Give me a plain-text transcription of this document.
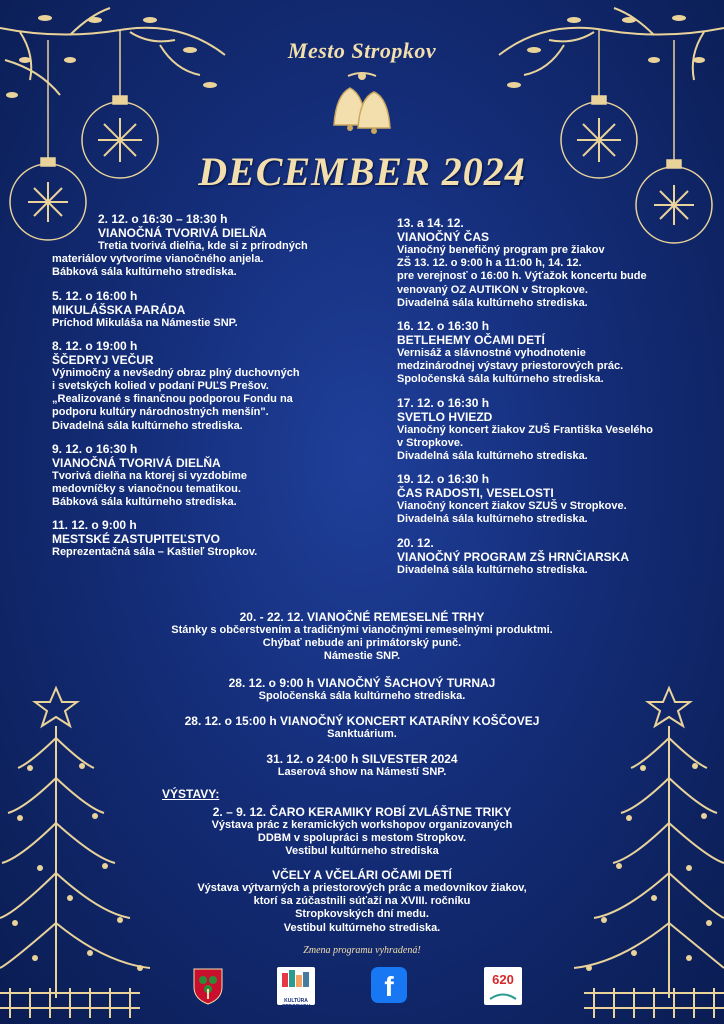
Mesto Stropkov
DECEMBER 2024

2. 12. o 16:30 – 18:30 h

VIANOČNÁ TVORIVÁ DIELŇA

Tretia tvorivá dielňa, kde si z prírodných

materiálov vytvoríme vianočného anjela.

Bábková sála kultúrneho strediska.

5. 12. o 16:00 h

MIKULÁŠSKA PARÁDA

Príchod Mikuláša na Námestie SNP.

8. 12. o 19:00 h

ŠČEDRYJ VEČUR

Výnimočný a nevšedný obraz plný duchovných

i svetských kolied v podaní PUĽS Prešov.

„Realizované s finančnou podporou Fondu na

podporu kultúry národnostných menšín".

Divadelná sála kultúrneho strediska.

9. 12. o 16:30 h

VIANOČNÁ TVORIVÁ DIELŇA

Tvorivá dielňa na ktorej si vyzdobíme

medovníčky s vianočnou tematikou.

Bábková sála kultúrneho strediska.

11. 12. o 9:00 h

MESTSKÉ ZASTUPITEĽSTVO

Reprezentačná sála – Kaštieľ Stropkov.

13. a 14. 12.

VIANOČNÝ ČAS

Vianočný benefičný program pre žiakov

ZŠ 13. 12. o 9:00 h a 11:00 h, 14. 12.

pre verejnosť o 16:00 h. Výťažok koncertu bude

venovaný OZ AUTIKON v Stropkove.

Divadelná sála kultúrneho strediska.

16. 12. o 16:30 h

BETLEHEMY OČAMI DETÍ

Vernisáž a slávnostné vyhodnotenie

medzinárodnej výstavy priestorových prác.

Spoločenská sála kultúrneho strediska.

17. 12. o 16:30 h

SVETLO HVIEZD

Vianočný koncert žiakov ZUŠ Františka Veselého

v Stropkove.

Divadelná sála kultúrneho strediska.

19. 12. o 16:30 h

ČAS RADOSTI, VESELOSTI

Vianočný koncert žiakov SZUŠ v Stropkove.

Divadelná sála kultúrneho strediska.

20. 12.

VIANOČNÝ PROGRAM ZŠ HRNČIARSKA

Divadelná sála kultúrneho strediska.

20. - 22. 12. VIANOČNÉ REMESELNÉ TRHY

Stánky s občerstvením a tradičnými vianočnými remeselnými produktmi.

Chýbať nebude ani primátorský punč.

Námestie SNP.

28. 12. o 9:00 h VIANOČNÝ ŠACHOVÝ TURNAJ

Spoločenská sála kultúrneho strediska.

28. 12. o 15:00 h VIANOČNÝ KONCERT KATARÍNY KOŠČOVEJ

Sanktuárium.

31. 12. o 24:00 h SILVESTER 2024

Laserová show na Námestí SNP.

VÝSTAVY:

2. – 9. 12. ČARO KERAMIKY ROBÍ ZVLÁŠTNE TRIKY

Výstava prác z keramických workshopov organizovaných

DDBM v spolupráci s mestom Stropkov.

Vestibul kultúrneho strediska

VČELY A VČELÁRI OČAMI DETÍ

Výstava výtvarných a priestorových prác a medovníkov žiakov,

ktorí sa zúčastnili súťaží na XVIII. ročníku

Stropkovských dní medu.

Vestibul kultúrneho strediska.

Zmena programu vyhradená!
KULTÚRA STROPKOV
f	620
